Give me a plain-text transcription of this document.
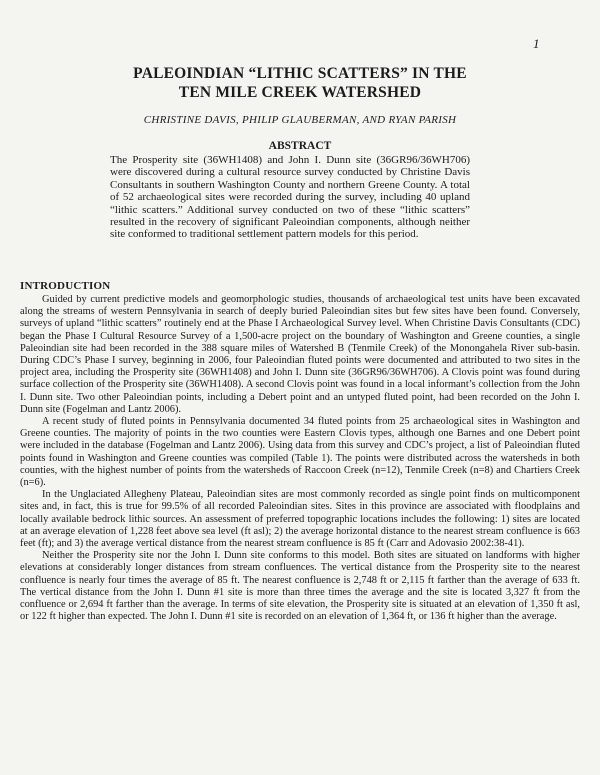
1
PALEOINDIAN “LITHIC SCATTERS” IN THE
TEN MILE CREEK WATERSHED
CHRISTINE DAVIS, PHILIP GLAUBERMAN, AND RYAN PARISH
ABSTRACT
The Prosperity site (36WH1408) and John I. Dunn site (36GR96/36WH706) were discovered during a cultural resource survey conducted by Christine Davis Consultants in southern Washington County and northern Greene County. A total of 52 archaeological sites were recorded during the survey, including 40 upland “lithic scatters.” Additional survey conducted on two of these “lithic scatters” resulted in the recovery of significant Paleoindian components, although neither site conformed to traditional settlement pattern models for this period.
INTRODUCTION

Guided by current predictive models and geomorphologic studies, thousands of archaeological test units have been excavated along the streams of western Pennsylvania in search of deeply buried Paleoindian sites but few sites have been found. Conversely, surveys of upland “lithic scatters” routinely end at the Phase I Archaeological Survey level. When Christine Davis Consultants (CDC) began the Phase I Cultural Resource Survey of a 1,500-acre project on the boundary of Washington and Greene counties, a single Paleoindian site had been recorded in the 388 square miles of Watershed B (Tenmile Creek) of the Monongahela River sub-basin. During CDC’s Phase I survey, beginning in 2006, four Paleoindian fluted points were documented and attributed to two sites in the project area, including the Prosperity site (36WH1408) and John I. Dunn site (36GR96/36WH706). A Clovis point was found during surface collection of the Prosperity site (36WH1408). A second Clovis point was found in a local informant’s collection from the John I. Dunn site. Two other Paleoindian points, including a Debert point and an untyped fluted point, had been recorded on the John I. Dunn site (Fogelman and Lantz 2006).

A recent study of fluted points in Pennsylvania documented 34 fluted points from 25 archaeological sites in Washington and Greene counties. The majority of points in the two counties were Eastern Clovis types, although one Barnes and one Debert point were included in the database (Fogelman and Lantz 2006). Using data from this survey and CDC’s project, a list of Paleoindian fluted points found in Washington and Greene counties was compiled (Table 1). The points were distributed across the watersheds in both counties, with the highest number of points from the watersheds of Raccoon Creek (n=12), Tenmile Creek (n=8) and Chartiers Creek (n=6).

In the Unglaciated Allegheny Plateau, Paleoindian sites are most commonly recorded as single point finds on multicomponent sites and, in fact, this is true for 99.5% of all recorded Paleoindian sites. Sites in this province are associated with floodplains and locally available bedrock lithic sources. An assessment of preferred topographic locations includes the following: 1) sites are located at an average elevation of 1,228 feet above sea level (ft asl); 2) the average horizontal distance to the nearest stream confluence is 663 feet (ft); and 3) the average vertical distance from the nearest stream confluence is 85 ft (Carr and Adovasio 2002:38-41).

Neither the Prosperity site nor the John I. Dunn site conforms to this model. Both sites are situated on landforms with higher elevations at considerably longer distances from stream confluences. The vertical distance from the Prosperity site to the nearest confluence is nearly four times the average of 85 ft. The nearest confluence is 2,748 ft or 2,115 ft farther than the average of 633 ft. The vertical distance from the John I. Dunn #1 site is more than three times the average and the site is located 3,327 ft from the confluence or 2,694 ft farther than the average. In terms of site elevation, the Prosperity site is situated at an elevation of 1,350 ft asl, or 122 ft higher than expected. The John I. Dunn #1 site is recorded on an elevation of 1,364 ft, or 136 ft higher than the average.
